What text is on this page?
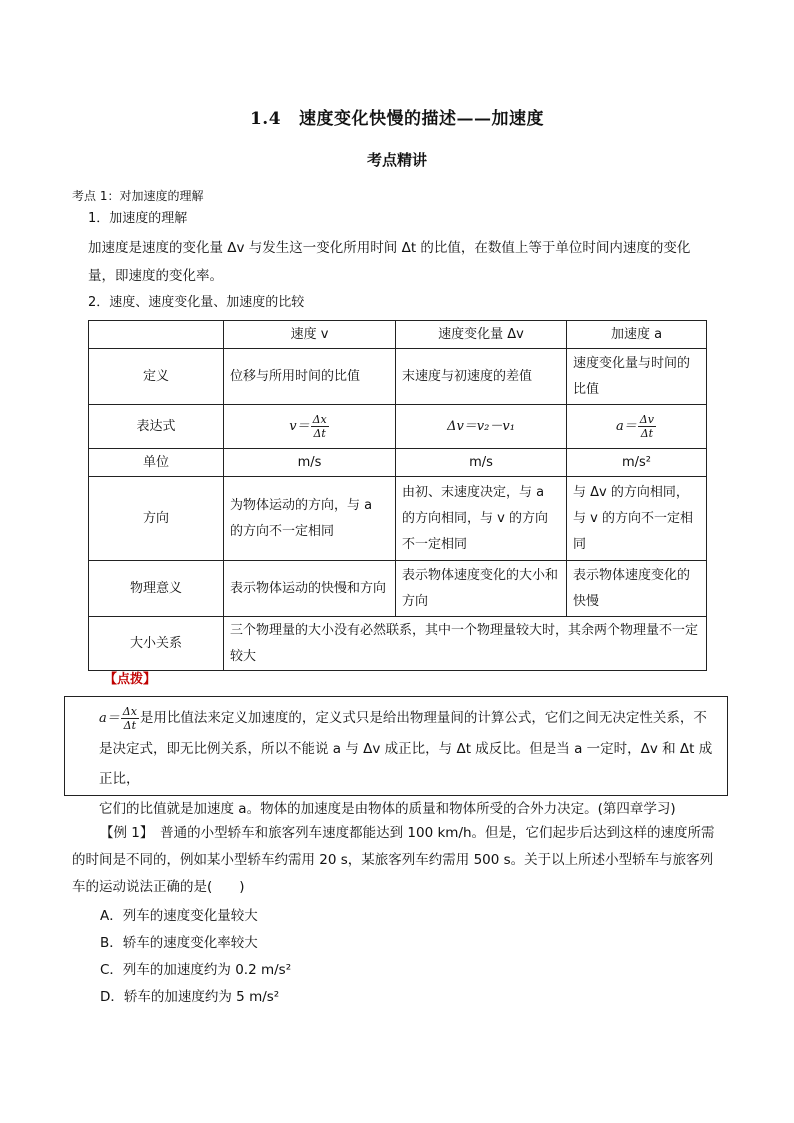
1.4 速度变化快慢的描述——加速度
考点精讲
考点 1：对加速度的理解
1．加速度的理解
加速度是速度的变化量 Δv 与发生这一变化所用时间 Δt 的比值，在数值上等于单位时间内速度的变化
量，即速度的变化率。
2．速度、速度变化量、加速度的比较
	速度 v	速度变化量 Δv	加速度 a
定义	位移与所用时间的比值	末速度与初速度的差值	速度变化量与时间的比值
表达式	$v= \frac{\Delta x}{\Delta t}$	Δv＝v₂－v₁	$a= \frac{\Delta v}{\Delta t}$

单位	m/s	m/s	m/s²
方向	为物体运动的方向，与 a 的方向不一定相同	由初、末速度决定，与 a 的方向相同，与 v 的方向不一定相同	与 Δv 的方向相同，与 v 的方向不一定相同
物理意义	表示物体运动的快慢和方向	表示物体速度变化的大小和方向	表示物体速度变化的快慢
大小关系	三个物理量的大小没有必然联系，其中一个物理量较大时，其余两个物理量不一定较大		
【点拨】

$a= \frac{\Delta x}{\Delta t}$ 是用比值法来定义加速度的，定义式只是给出物理量间的计算公式，它们之间无决定性关系，不

是决定式，即无比例关系，所以不能说 a 与 Δv 成正比，与 Δt 成反比。但是当 a 一定时，Δv 和 Δt 成正比，

它们的比值就是加速度 a。物体的加速度是由物体的质量和物体所受的合外力决定。(第四章学习)

【例 1】　普通的小型轿车和旅客列车速度都能达到 100 km/h。但是，它们起步后达到这样的速度所需

的时间是不同的，例如某小型轿车约需用 20 s，某旅客列车约需用 500 s。关于以上所述小型轿车与旅客列

车的运动说法正确的是(　　)

A．列车的速度变化量较大
B．轿车的速度变化率较大
C．列车的加速度约为 0.2 m/s²
D．轿车的加速度约为 5 m/s²
